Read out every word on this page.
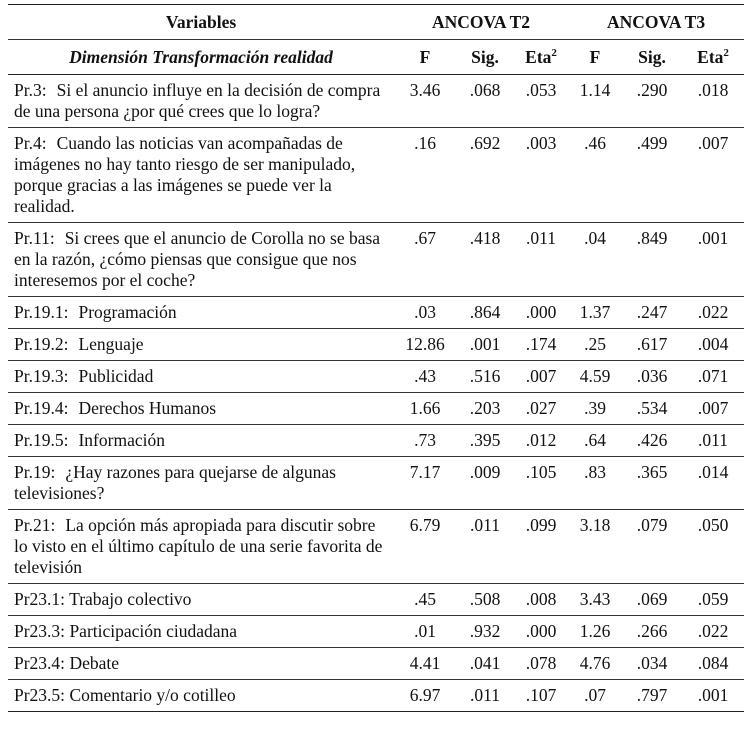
Variables	ANCOVA T2			ANCOVA T3		
Dimensión Transformación realidad	F	Sig.	Eta$^2$	F	Sig.	Eta$^2$
Pr.3: Si el anuncio influye en la decisión de compra de una persona ¿por qué crees que lo logra?	3.46	.068	.053	1.14	.290	.018
Pr.4: Cuando las noticias van acompañadas de imágenes no hay tanto riesgo de ser manipulado, porque gracias a las imágenes se puede ver la realidad.	.16	.692	.003	.46	.499	.007
Pr.11: Si crees que el anuncio de Corolla no se basa en la razón, ¿cómo piensas que consigue que nos interesemos por el coche?	.67	.418	.011	.04	.849	.001
Pr.19.1: Programación	.03	.864	.000	1.37	.247	.022
Pr.19.2: Lenguaje	12.86	.001	.174	.25	.617	.004
Pr.19.3: Publicidad	.43	.516	.007	4.59	.036	.071
Pr.19.4: Derechos Humanos	1.66	.203	.027	.39	.534	.007
Pr.19.5: Información	.73	.395	.012	.64	.426	.011
Pr.19: ¿Hay razones para quejarse de algunas televisiones?	7.17	.009	.105	.83	.365	.014
Pr.21: La opción más apropiada para discutir sobre lo visto en el último capítulo de una serie favorita de televisión	6.79	.011	.099	3.18	.079	.050
Pr23.1: Trabajo colectivo	.45	.508	.008	3.43	.069	.059
Pr23.3: Participación ciudadana	.01	.932	.000	1.26	.266	.022
Pr23.4: Debate	4.41	.041	.078	4.76	.034	.084
Pr23.5: Comentario y/o cotilleo	6.97	.011	.107	.07	.797	.001
